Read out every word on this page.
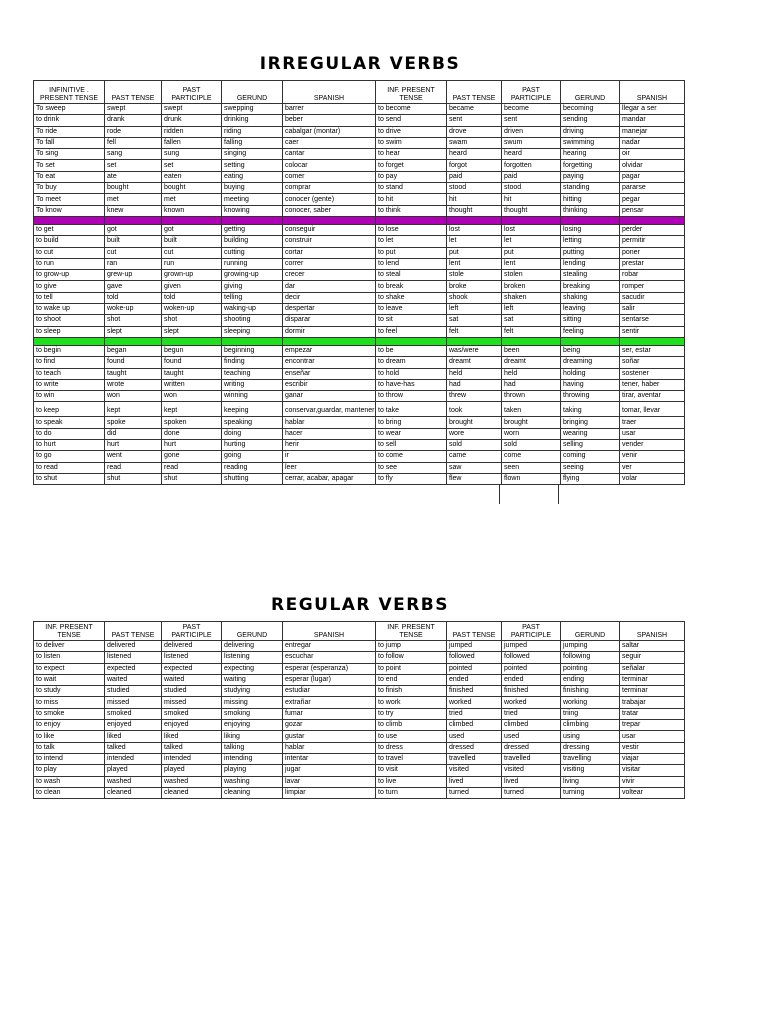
IRREGULAR VERBS
INFINITIVE . PRESENT TENSE	PAST TENSE	PAST PARTICIPLE	GERUND	SPANISH	INF. PRESENT TENSE	PAST TENSE	PAST PARTICIPLE	GERUND	SPANISH
To sweep	swept	swept	swepping	barrer	to become	became	become	becoming	llegar a ser
to drink	drank	drunk	drinking	beber	to send	sent	sent	sending	mandar
To ride	rode	ridden	riding	cabalgar (montar)	to drive	drove	driven	driving	manejar
To fall	fell	fallen	falling	caer	to swim	swam	swum	swimming	nadar
To sing	sang	sung	singing	cantar	to hear	heard	heard	hearing	oir
To set	set	set	setting	colocar	to forget	forgot	forgotten	forgetting	olvidar
To eat	ate	eaten	eating	comer	to pay	paid	paid	paying	pagar
To buy	bought	bought	buying	comprar	to stand	stood	stood	standing	pararse
To meet	met	met	meeting	conocer (gente)	to hit	hit	hit	hitting	pegar
To know	knew	known	knowing	conocer, saber	to think	thought	thought	thinking	pensar

to get	got	got	getting	conseguir	to lose	lost	lost	losing	perder
to build	built	built	building	construir	to let	let	let	letting	permitir
to cut	cut	cut	cutting	cortar	to put	put	put	putting	poner
to run	ran	run	running	correr	to lend	lent	lent	lending	prestar
to grow-up	grew-up	grown-up	growing-up	crecer	to steal	stole	stolen	stealing	robar
to give	gave	given	giving	dar	to break	broke	broken	breaking	romper
to tell	told	told	telling	decir	to shake	shook	shaken	shaking	sacudir
to wake up	woke-up	woken-up	waking-up	despertar	to leave	left	left	leaving	salir
to shoot	shot	shot	shooting	disparar	to sit	sat	sat	sitting	sentarse
to sleep	slept	slept	sleeping	dormir	to feel	felt	felt	feeling	sentir

to begin	began	begun	beginning	empezar	to be	was/were	been	being	ser, estar
to find	found	found	finding	encontrar	to dream	dreamt	dreamt	dreaming	soñar
to teach	taught	taught	teaching	enseñar	to hold	held	held	holding	sostener
to write	wrote	written	writing	escribir	to have-has	had	had	having	tener, haber
to win	won	won	winning	ganar	to throw	threw	thrown	throwing	tirar, aventar
to keep	kept	kept	keeping	conservar,guardar, mantener	to take	took	taken	taking	tomar, llevar
to speak	spoke	spoken	speaking	hablar	to bring	brought	brought	bringing	traer
to do	did	done	doing	hacer	to wear	wore	worn	wearing	usar
to hurt	hurt	hurt	hurting	herir	to sell	sold	sold	selling	vender
to go	went	gone	going	ir	to come	came	come	coming	venir
to read	read	read	reading	leer	to see	saw	seen	seeing	ver
to shut	shut	shut	shutting	cerrar, acabar, apagar	to fly	flew	flown	flying	volar
REGULAR VERBS
INF. PRESENT TENSE	PAST TENSE	PAST PARTICIPLE	GERUND	SPANISH	INF. PRESENT TENSE	PAST TENSE	PAST PARTICIPLE	GERUND	SPANISH
to deliver	delivered	delivered	delivering	entregar	to jump	jumped	jumped	jumping	saltar
to listen	listened	listened	listening	escuchar	to follow	followed	followed	following	seguir
to expect	expected	expected	expecting	esperar (esperanza)	to point	pointed	pointed	pointing	señalar
to wait	waited	waited	waiting	esperar (lugar)	to end	ended	ended	ending	terminar
to study	studied	studied	studying	estudiar	to finish	finished	finished	finishing	terminar
to miss	missed	missed	missing	extrañar	to work	worked	worked	working	trabajar
to smoke	smoked	smoked	smoking	fumar	to try	tried	tried	triing	tratar
to enjoy	enjoyed	enjoyed	enjoying	gozar	to climb	climbed	climbed	climbing	trepar
to like	liked	liked	liking	gustar	to use	used	used	using	usar
to talk	talked	talked	talking	hablar	to dress	dressed	dressed	dressing	vestir
to intend	intended	intended	intending	intentar	to travel	travelled	travelled	travelling	viajar
to play	played	played	playing	jugar	to visit	visited	visited	visiting	visitar
to wash	washed	washed	washing	lavar	to live	lived	lived	living	vivir
to clean	cleaned	cleaned	cleaning	limpiar	to turn	turned	turned	turning	voltear
